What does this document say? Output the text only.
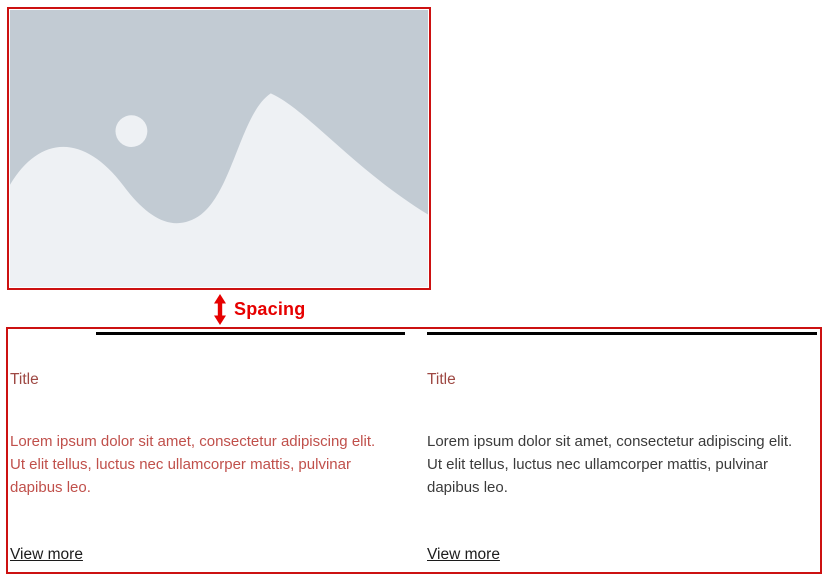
Spacing
Title
Lorem ipsum dolor sit amet, consectetur adipiscing elit.
Ut elit tellus, luctus nec ullamcorper mattis, pulvinar
dapibus leo.
View more
Title
Lorem ipsum dolor sit amet, consectetur adipiscing elit.
Ut elit tellus, luctus nec ullamcorper mattis, pulvinar
dapibus leo.
View more
